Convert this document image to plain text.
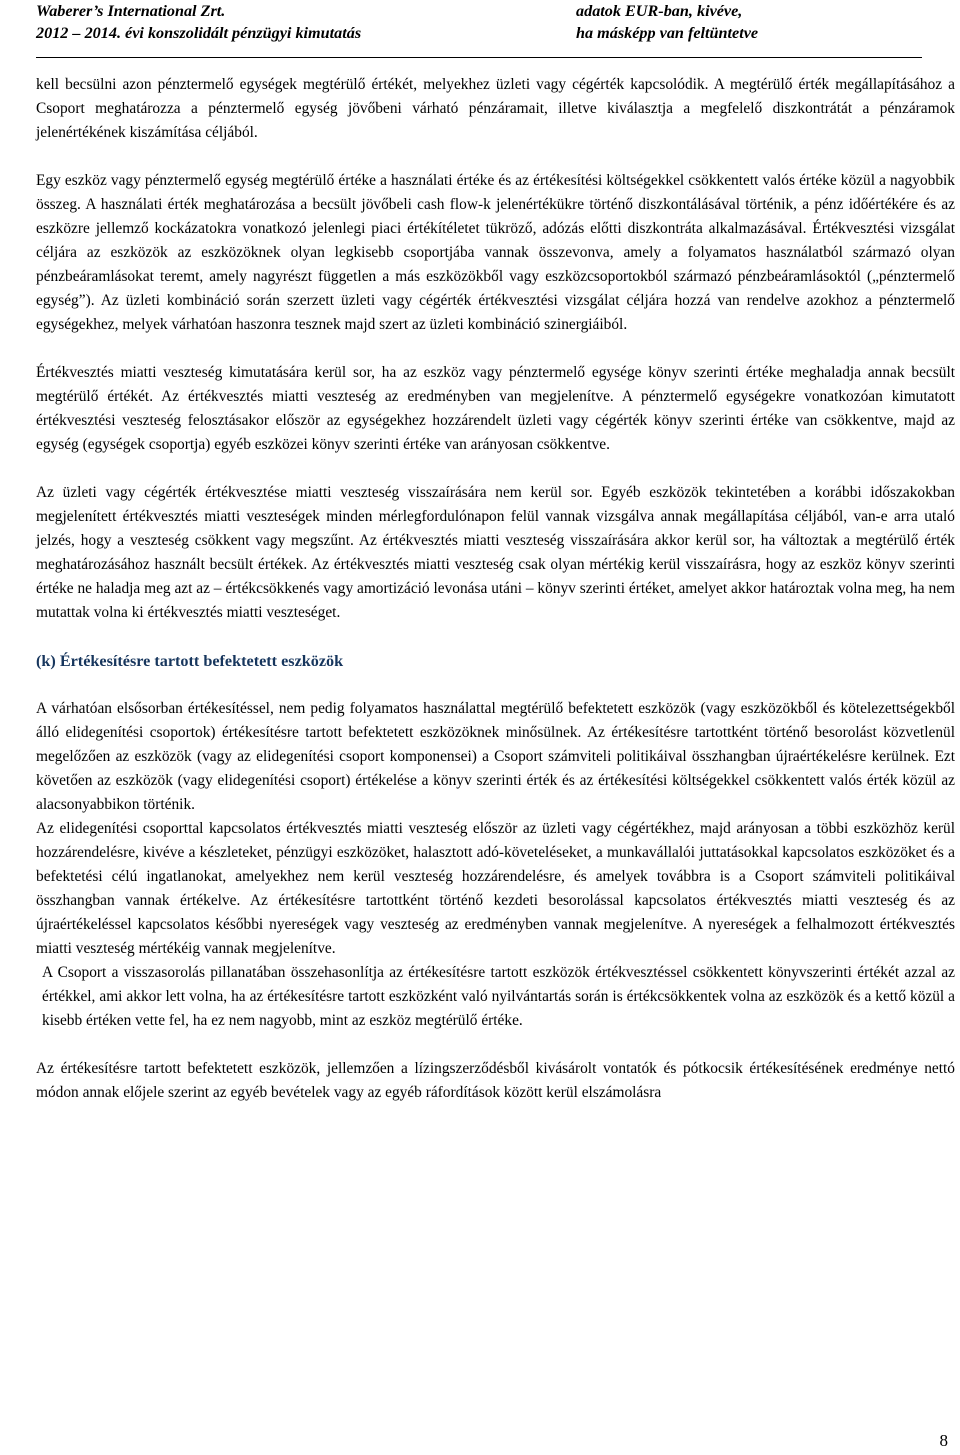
Waberer’s International Zrt.
2012 – 2014. évi konszolidált pénzügyi kimutatás
adatok EUR-ban, kivéve,
ha másképp van feltüntetve

kell becsülni azon pénztermelő egységek megtérülő értékét, melyekhez üzleti vagy cégérték kapcsolódik. A megtérülő érték megállapításához a Csoport meghatározza a pénztermelő egység jövőbeni várható pénzáramait, illetve kiválasztja a megfelelő diszkontrátát a pénzáramok jelenértékének kiszámítása céljából.

Egy eszköz vagy pénztermelő egység megtérülő értéke a használati értéke és az értékesítési költségekkel csökkentett valós értéke közül a nagyobbik összeg. A használati érték meghatározása a becsült jövőbeli cash flow-k jelenértékükre történő diszkontálásával történik, a pénz időértékére és az eszközre jellemző kockázatokra vonatkozó jelenlegi piaci értékítéletet tükröző, adózás előtti diszkontráta alkalmazásával. Értékvesztési vizsgálat céljára az eszközök az eszközöknek olyan legkisebb csoportjába vannak összevonva, amely a folyamatos használatból származó olyan pénzbeáramlásokat teremt, amely nagyrészt független a más eszközökből vagy eszközcsoportokból származó pénzbeáramlásoktól („pénztermelő egység”). Az üzleti kombináció során szerzett üzleti vagy cégérték értékvesztési vizsgálat céljára hozzá van rendelve azokhoz a pénztermelő egységekhez, melyek várhatóan haszonra tesznek majd szert az üzleti kombináció szinergiáiból.

Értékvesztés miatti veszteség kimutatására kerül sor, ha az eszköz vagy pénztermelő egysége könyv szerinti értéke meghaladja annak becsült megtérülő értékét. Az értékvesztés miatti veszteség az eredményben van megjelenítve. A pénztermelő egységekre vonatkozóan kimutatott értékvesztési veszteség felosztásakor először az egységekhez hozzárendelt üzleti vagy cégérték könyv szerinti értéke van csökkentve, majd az egység (egységek csoportja) egyéb eszközei könyv szerinti értéke van arányosan csökkentve.

Az üzleti vagy cégérték értékvesztése miatti veszteség visszaírására nem kerül sor. Egyéb eszközök tekintetében a korábbi időszakokban megjelenített értékvesztés miatti veszteségek minden mérlegfordulónapon felül vannak vizsgálva annak megállapítása céljából, van-e arra utaló jelzés, hogy a veszteség csökkent vagy megszűnt. Az értékvesztés miatti veszteség visszaírására akkor kerül sor, ha változtak a megtérülő érték meghatározásához használt becsült értékek. Az értékvesztés miatti veszteség csak olyan mértékig kerül visszaírásra, hogy az eszköz könyv szerinti értéke ne haladja meg azt az – értékcsökkenés vagy amortizáció levonása utáni – könyv szerinti értéket, amelyet akkor határoztak volna meg, ha nem mutattak volna ki értékvesztés miatti veszteséget.

(k) Értékesítésre tartott befektetett eszközök

A várhatóan elsősorban értékesítéssel, nem pedig folyamatos használattal megtérülő befektetett eszközök (vagy eszközökből és kötelezettségekből álló elidegenítési csoportok) értékesítésre tartott befektetett eszközöknek minősülnek. Az értékesítésre tartottként történő besorolást közvetlenül megelőzően az eszközök (vagy az elidegenítési csoport komponensei) a Csoport számviteli politikáival összhangban újraértékelésre kerülnek. Ezt követően az eszközök (vagy elidegenítési csoport) értékelése a könyv szerinti érték és az értékesítési költségekkel csökkentett valós érték közül az alacsonyabbikon történik.

Az elidegenítési csoporttal kapcsolatos értékvesztés miatti veszteség először az üzleti vagy cégértékhez, majd arányosan a többi eszközhöz kerül hozzárendelésre, kivéve a készleteket, pénzügyi eszközöket, halasztott adó-követeléseket, a munkavállalói juttatásokkal kapcsolatos eszközöket és a befektetési célú ingatlanokat, amelyekhez nem kerül veszteség hozzárendelésre, és amelyek továbbra is a Csoport számviteli politikáival összhangban vannak értékelve. Az értékesítésre tartottként történő kezdeti besorolással kapcsolatos értékvesztés miatti veszteség és az újraértékeléssel kapcsolatos későbbi nyereségek vagy veszteség az eredményben vannak megjelenítve. A nyereségek a felhalmozott értékvesztés miatti veszteség mértékéig vannak megjelenítve.

A Csoport a visszasorolás pillanatában összehasonlítja az értékesítésre tartott eszközök értékvesztéssel csökkentett könyvszerinti értékét azzal az értékkel, ami akkor lett volna, ha az értékesítésre tartott eszközként való nyilvántartás során is értékcsökkentek volna az eszközök és a kettő közül a kisebb értéken vette fel, ha ez nem nagyobb, mint az eszköz megtérülő értéke.

Az értékesítésre tartott befektetett eszközök, jellemzően a lízingszerződésből kivásárolt vontatók és pótkocsik értékesítésének eredménye nettó módon annak előjele szerint az egyéb bevételek vagy az egyéb ráfordítások között kerül elszámolásra

8
